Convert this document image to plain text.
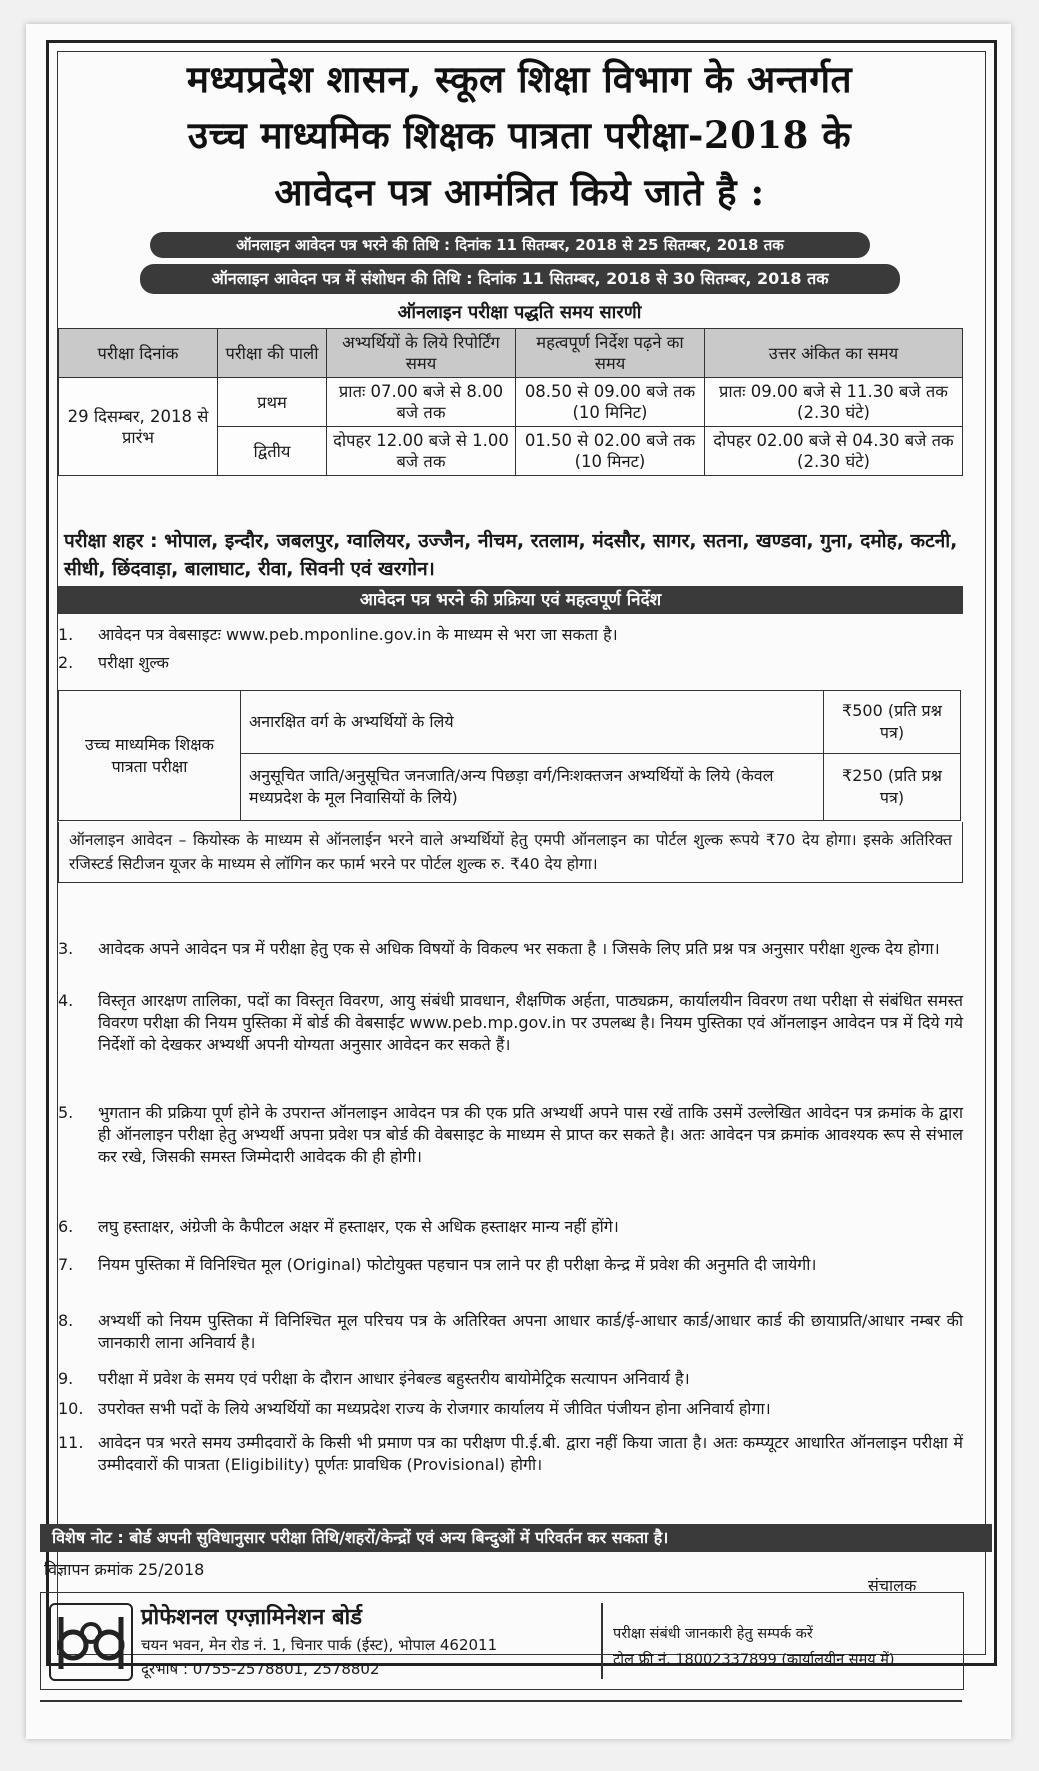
मध्यप्रदेश शासन, स्कूल शिक्षा विभाग के अन्तर्गत
उच्च माध्यमिक शिक्षक पात्रता परीक्षा-2018 के
आवेदन पत्र आमंत्रित किये जाते है :
ऑनलाइन आवेदन पत्र भरने की तिथि : दिनांक 11 सितम्बर, 2018 से 25 सितम्बर, 2018 तक
ऑनलाइन आवेदन पत्र में संशोधन की तिथि : दिनांक 11 सितम्बर, 2018 से 30 सितम्बर, 2018 तक
ऑनलाइन परीक्षा पद्धति समय सारणी
परीक्षा दिनांक	परीक्षा की पाली	अभ्यर्थियों के लिये रिपोर्टिंग समय	महत्वपूर्ण निर्देश पढ़ने का समय	उत्तर अंकित का समय
29 दिसम्बर, 2018 से प्रारंभ	प्रथम	प्रातः 07.00 बजे से 8.00 बजे तक	08.50 से 09.00 बजे तक (10 मिनिट)	प्रातः 09.00 बजे से 11.30 बजे तक (2.30 घंटे)
	द्वितीय	दोपहर 12.00 बजे से 1.00 बजे तक	01.50 से 02.00 बजे तक (10 मिनट)	दोपहर 02.00 बजे से 04.30 बजे तक (2.30 घंटे)
परीक्षा शहर : भोपाल, इन्दौर, जबलपुर, ग्वालियर, उज्जैन, नीचम, रतलाम, मंदसौर, सागर, सतना, खण्डवा, गुना, दमोह, कटनी, सीधी, छिंदवाड़ा, बालाघाट, रीवा, सिवनी एवं खरगोन।
आवेदन पत्र भरने की प्रक्रिया एवं महत्वपूर्ण निर्देश
1.	आवेदन पत्र वेबसाइटः www.peb.mponline.gov.in के माध्यम से भरा जा सकता है।
2.	परीक्षा शुल्क
उच्च माध्यमिक शिक्षक पात्रता परीक्षा	अनारक्षित वर्ग के अभ्यर्थियों के लिये	₹500 (प्रति प्रश्न पत्र)
	अनुसूचित जाति/अनुसूचित जनजाति/अन्य पिछड़ा वर्ग/निःशक्तजन अभ्यर्थियों के लिये (केवल मध्यप्रदेश के मूल निवासियों के लिये)	₹250 (प्रति प्रश्न पत्र)
ऑनलाइन आवेदन – कियोस्क के माध्यम से ऑनलाईन भरने वाले अभ्यर्थियों हेतु एमपी ऑनलाइन का पोर्टल शुल्क रूपये ₹70 देय होगा। इसके अतिरिक्त रजिस्टर्ड सिटीजन यूजर के माध्यम से लॉगिन कर फार्म भरने पर पोर्टल शुल्क रु. ₹40 देय होगा।
3.	आवेदक अपने आवेदन पत्र में परीक्षा हेतु एक से अधिक विषयों के विकल्प भर सकता है । जिसके लिए प्रति प्रश्न पत्र अनुसार परीक्षा शुल्क देय होगा।
4.	विस्तृत आरक्षण तालिका, पदों का विस्तृत विवरण, आयु संबंधी प्रावधान, शैक्षणिक अर्हता, पाठ्यक्रम, कार्यालयीन विवरण तथा परीक्षा से संबंधित समस्त विवरण परीक्षा की नियम पुस्तिका में बोर्ड की वेबसाईट www.peb.mp.gov.in पर उपलब्ध है। नियम पुस्तिका एवं ऑनलाइन आवेदन पत्र में दिये गये निर्देशों को देखकर अभ्यर्थी अपनी योग्यता अनुसार आवेदन कर सकते हैं।
5.	भुगतान की प्रक्रिया पूर्ण होने के उपरान्त ऑनलाइन आवेदन पत्र की एक प्रति अभ्यर्थी अपने पास रखें ताकि उसमें उल्लेखित आवेदन पत्र क्रमांक के द्वारा ही ऑनलाइन परीक्षा हेतु अभ्यर्थी अपना प्रवेश पत्र बोर्ड की वेबसाइट के माध्यम से प्राप्त कर सकते है। अतः आवेदन पत्र क्रमांक आवश्यक रूप से संभाल कर रखे, जिसकी समस्त जिम्मेदारी आवेदक की ही होगी।
6.	लघु हस्ताक्षर, अंग्रेजी के कैपीटल अक्षर में हस्ताक्षर, एक से अधिक हस्ताक्षर मान्य नहीं होंगे।
7.	नियम पुस्तिका में विनिश्चित मूल (Original) फोटोयुक्त पहचान पत्र लाने पर ही परीक्षा केन्द्र में प्रवेश की अनुमति दी जायेगी।
8.	अभ्यर्थी को नियम पुस्तिका में विनिश्चित मूल परिचय पत्र के अतिरिक्त अपना आधार कार्ड/ई-आधार कार्ड/आधार कार्ड की छायाप्रति/आधार नम्बर की जानकारी लाना अनिवार्य है।
9.	परीक्षा में प्रवेश के समय एवं परीक्षा के दौरान आधार इंनेबल्ड बहुस्तरीय बायोमेट्रिक सत्यापन अनिवार्य है।
10. उपरोक्त सभी पदों के लिये अभ्यर्थियों का मध्यप्रदेश राज्य के रोजगार कार्यालय में जीवित पंजीयन होना अनिवार्य होगा।
11. आवेदन पत्र भरते समय उम्मीदवारों के किसी भी प्रमाण पत्र का परीक्षण पी.ई.बी. द्वारा नहीं किया जाता है। अतः कम्प्यूटर आधारित ऑनलाइन परीक्षा में उम्मीदवारों की पात्रता (Eligibility) पूर्णतः प्रावधिक (Provisional) होगी।
विशेष नोट : बोर्ड अपनी सुविधानुसार परीक्षा तिथि/शहरों/केन्द्रों एवं अन्य बिन्दुओं में परिवर्तन कर सकता है।
विज्ञापन क्रमांक 25/2018
संचालक
प्रोफेशनल एग्ज़ामिनेशन बोर्ड
चयन भवन, मेन रोड नं. 1, चिनार पार्क (ईस्ट), भोपाल 462011
दूरभाष : 0755-2578801, 2578802
परीक्षा संबंधी जानकारी हेतु सम्पर्क करें
टोल फ्री नं. 18002337899 (कार्यालयीन समय में)
